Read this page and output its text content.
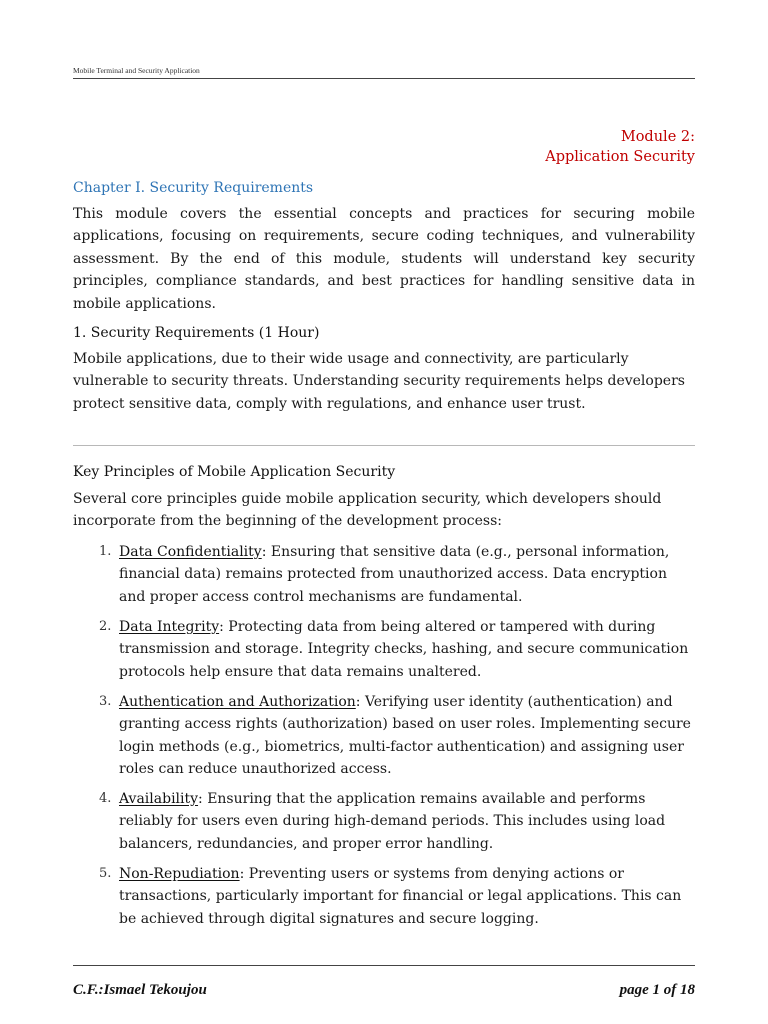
Mobile Terminal and Security Application
Module 2:
Application Security
Chapter I. Security Requirements
This module covers the essential concepts and practices for securing mobile applications, focusing on requirements, secure coding techniques, and vulnerability assessment. By the end of this module, students will understand key security principles, compliance standards, and best practices for handling sensitive data in mobile applications.
1. Security Requirements (1 Hour)
Mobile applications, due to their wide usage and connectivity, are particularly vulnerable to security threats. Understanding security requirements helps developers protect sensitive data, comply with regulations, and enhance user trust.
Key Principles of Mobile Application Security
Several core principles guide mobile application security, which developers should incorporate from the beginning of the development process:
1. Data Confidentiality: Ensuring that sensitive data (e.g., personal information, financial data) remains protected from unauthorized access. Data encryption and proper access control mechanisms are fundamental.
2. Data Integrity: Protecting data from being altered or tampered with during transmission and storage. Integrity checks, hashing, and secure communication protocols help ensure that data remains unaltered.
3. Authentication and Authorization: Verifying user identity (authentication) and granting access rights (authorization) based on user roles. Implementing secure login methods (e.g., biometrics, multi-factor authentication) and assigning user roles can reduce unauthorized access.
4. Availability: Ensuring that the application remains available and performs reliably for users even during high-demand periods. This includes using load balancers, redundancies, and proper error handling.
5. Non-Repudiation: Preventing users or systems from denying actions or transactions, particularly important for financial or legal applications. This can be achieved through digital signatures and secure logging.
C.F.:Ismael Tekoujou	page 1 of 18
